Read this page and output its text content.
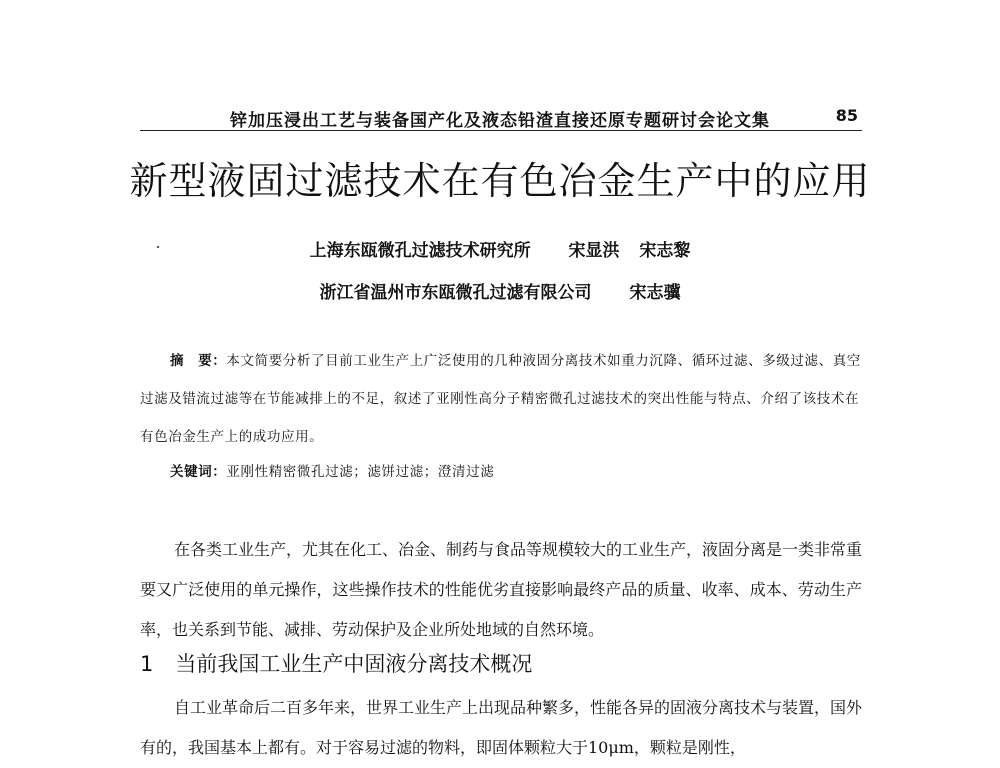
锌加压浸出工艺与装备国产化及液态铅渣直接还原专题研讨会论文集	85
新型液固过滤技术在有色冶金生产中的应用
上海东瓯微孔过滤技术研究所 宋显洪 宋志黎
浙江省温州市东瓯微孔过滤有限公司 宋志骥
摘　要：本文简要分析了目前工业生产上广泛使用的几种液固分离技术如重力沉降、循环过滤、多级过滤、真空过滤及错流过滤等在节能减排上的不足，叙述了亚刚性高分子精密微孔过滤技术的突出性能与特点、介绍了该技术在有色冶金生产上的成功应用。
关键词：亚刚性精密微孔过滤；滤饼过滤；澄清过滤
在各类工业生产，尤其在化工、冶金、制药与食品等规模较大的工业生产，液固分离是一类非常重要又广泛使用的单元操作，这些操作技术的性能优劣直接影响最终产品的质量、收率、成本、劳动生产率，也关系到节能、减排、劳动保护及企业所处地域的自然环境。
1 当前我国工业生产中固液分离技术概况
自工业革命后二百多年来，世界工业生产上出现品种繁多，性能各异的固液分离技术与装置，国外有的，我国基本上都有。对于容易过滤的物料，即固体颗粒大于10μm，颗粒是刚性，
